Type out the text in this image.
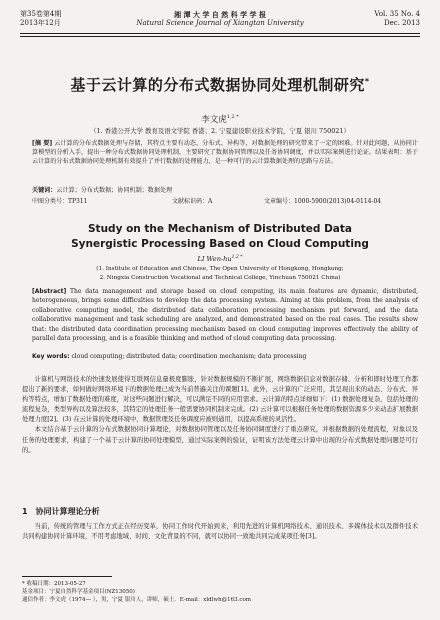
第35卷第4期
2013年12月
湘 潭 大 学 自 然 科 学 学 报
Natural Science Journal of Xiangtan University
Vol. 35 No. 4
Dec. 2013
基于云计算的分布式数据协同处理机制研究*
李文虎$^{1,2 *}$
（1. 香港公开大学 教育及语文学院 香港；2. 宁夏建设职业技术学院，宁夏 银川 750021）
[摘 要] 云计算的分布式数据处理与存储，其特点主要有动态、分布式、异构等，对数据处理的研究带来了一定的困难。针对此问题，从协同计算模型的分析入手，提出一种分布式数据协同处理机制，主要研究了数据协同管理以及任务协同调度，并以实际案例进行论证。结果表明：基于云计算的分布式数据协同处理机制有效提升了并行数据的处理能力，是一种可行的云计算数据处理的思路与方法。
关键词：云计算；分布式数据；协同机制；数据处理
中图分类号：TP311	文献标识码：A	文章编号：1000-5900(2013)04-0114-04
Study on the Mechanism of Distributed Data
Synergistic Processing Based on Cloud Computing
LI Wen-$hu^{1,2 *}$
(1. Institute of Education and Chinese, The Open University of Hongkong, Hongkong;
2. Ningxia Construction Vocational and Technical College, Yinchuan 750021 China)
[Abstract] The data management and storage based on cloud computing, its main features are dynamic, distributed, heterogeneous, brings some difficulties to develop the data processing system. Aiming at this problem, from the analysis of collaborative computing model, the distributed data collaboration processing mechanism put forward, and the data collaborative management and task scheduling are analyzed, and demonstrated based on the real cases. The results show that: the distributed data coordination processing mechanism based on cloud computing improves effectively the ability of parallel data processing, and is a feasible thinking and method of cloud computing data processing.
Key words: cloud computing; distributed data; coordination mechanism; data processing

计算机与网络技术的快速发展使得互联网信息量极度膨胀，针对数据规模的不断扩展，网络数据信息对数据存储、分析和即时处理工作都提出了新的要求，如何做好网络环境下的数据处理已成为当前普遍关注的课题[1]。此外，云计算的广泛应用，其呈现出来的动态、分布式、异构等特点，增加了数据处理的难度，对这些问题进行解决，可以满足不同的应用需求。云计算的特点详细如下：(1) 数据处理复杂，包括处理的流程复杂，类型异构以及算法较多，其特定的处理任务一般需要协同机制来完成。(2) 云计算可以根据任务处理的数据资源多少来动态扩展数据处理力度[2]。(3) 在云计算的处理环境中，数据管理及任务调度应被则通用，以提高系统的灵活性。

本文结合基于云计算的分布式数据协同计算理论，对数据协同管理以及任务协同调度进行了重点研究，并根据数据的处理流程，对象以及任务的处理要求，构建了一个基于云计算的协同处理模型，通过实际案例的验证，证明该方法处理云计算中出现的分布式数据处理问题是可行的。

1　协同计算理论分析

当前，传统的管理与工作方式正在经历变革，协同工作时代开始到来，利用先进的计算机网络技术、通讯技术、多媒体技术以及群件技术共同构建协同计算环境，不用考虑地域、时间、文化背景的不同，就可以协同一致地共同完成某项任务[3]。

* 收稿日期：2013-05-27
基金项目：宁夏自然科学基金项目(NZ13050)
通信作者：李文虎（1974— ），男，宁夏 银川人，讲师，硕士．E-mail：xldlwh@163.com
